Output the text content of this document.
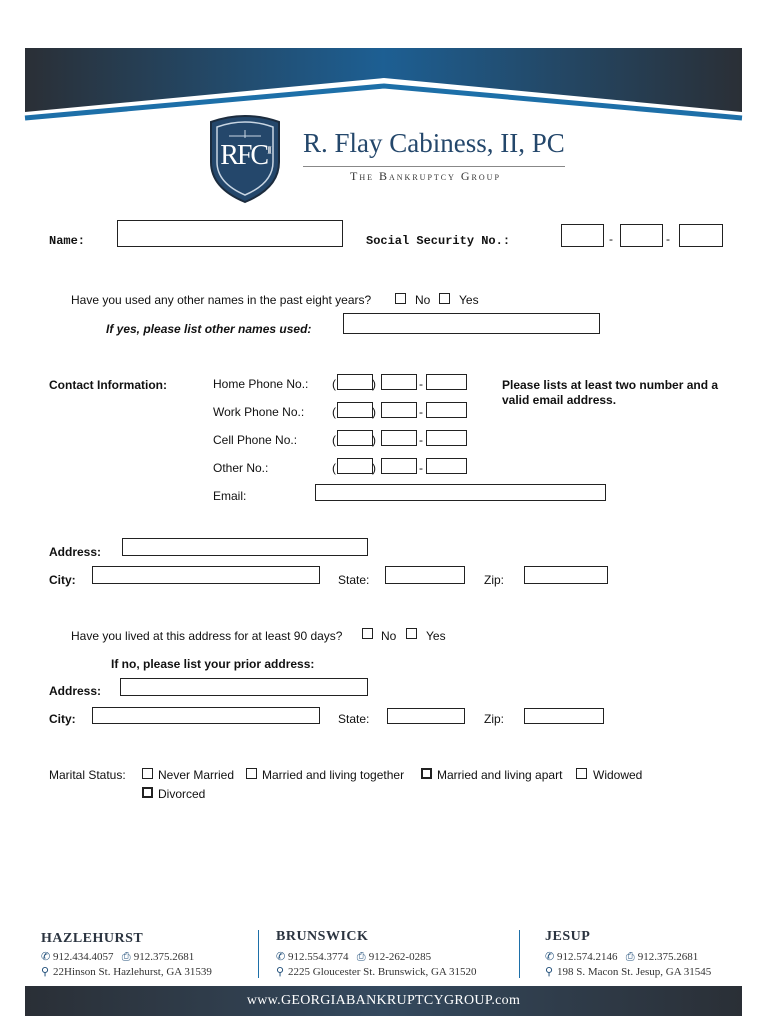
$RFC^{II}$ R. Flay Cabiness, II, PC
The Bankruptcy Group
Name:	Social Security No.:	-	-
Have you used any other names in the past eight years?	No Yes
If yes, please list other names used:
Contact Information:	Please lists at least two number and a valid email address.
Home Phone No.: (	)	-
Work Phone No.: (	)	-
Cell Phone No.:	(	)	-
Other No.:	(	)	-
Email:
Address:
City:	State:	Zip:
Have you lived at this address for at least 90 days?	No Yes
If no, please list your prior address:
Address:
City:	State:	Zip:
Marital Status:	Never Married Married and living together	Married and living apart	Widowed
Divorced
HAZLEHURST
✆ 912.434.4057 ⎙ 912.375.2681
⚲ 22Hinson St. Hazlehurst, GA 31539
BRUNSWICK
✆ 912.554.3774 ⎙ 912-262-0285
⚲ 2225 Gloucester St. Brunswick, GA 31520
JESUP
✆ 912.574.2146 ⎙ 912.375.2681
⚲ 198 S. Macon St. Jesup, GA 31545
www.GEORGIABANKRUPTCYGROUP.com
